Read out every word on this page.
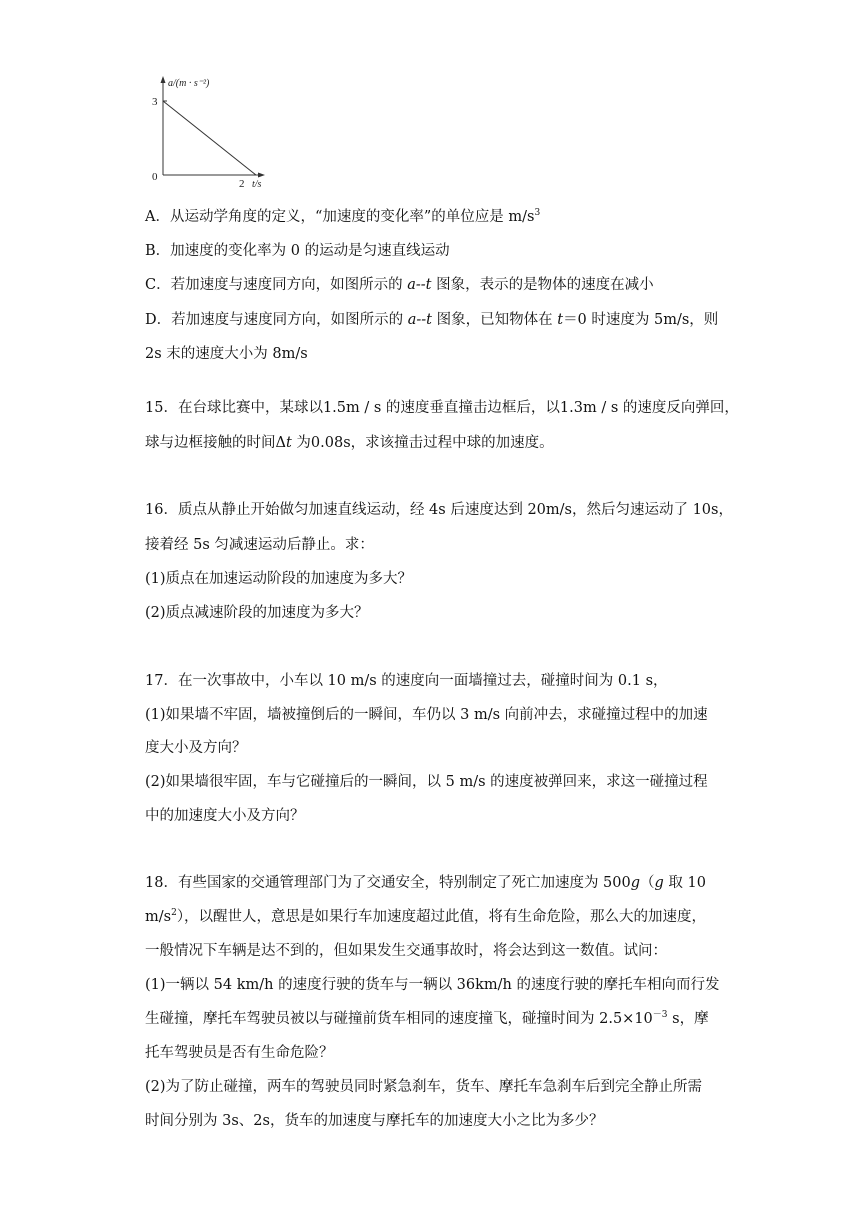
a/(m · s⁻²)
3
0
2 t/s
A．从运动学角度的定义，“加速度的变化率”的单位应是 $m/s^3$
B．加速度的变化率为 0 的运动是匀速直线运动
C．若加速度与速度同方向，如图所示的 a--t 图象，表示的是物体的速度在减小
D．若加速度与速度同方向，如图所示的 a--t 图象，已知物体在 t＝0 时速度为 5m/s，则
2s 末的速度大小为 8m/s
15．在台球比赛中，某球以1.5m / s 的速度垂直撞击边框后，以1.3m / s 的速度反向弹回，
球与边框接触的时间Δt 为0.08s，求该撞击过程中球的加速度。
16．质点从静止开始做匀加速直线运动，经 4s 后速度达到 20m/s，然后匀速运动了 10s，
接着经 5s 匀减速运动后静止。求：
(1)质点在加速运动阶段的加速度为多大？
(2)质点减速阶段的加速度为多大？
17．在一次事故中，小车以 10 m/s 的速度向一面墙撞过去，碰撞时间为 0.1 s，
(1)如果墙不牢固，墙被撞倒后的一瞬间，车仍以 3 m/s 向前冲去，求碰撞过程中的加速
度大小及方向？
(2)如果墙很牢固，车与它碰撞后的一瞬间，以 5 m/s 的速度被弹回来，求这一碰撞过程
中的加速度大小及方向？
18．有些国家的交通管理部门为了交通安全，特别制定了死亡加速度为 500g（g 取 10
$m/s^2$），以醒世人，意思是如果行车加速度超过此值，将有生命危险，那么大的加速度，
一般情况下车辆是达不到的，但如果发生交通事故时，将会达到这一数值。试问：
(1)一辆以 54 km/h 的速度行驶的货车与一辆以 36km/h 的速度行驶的摩托车相向而行发
生碰撞，摩托车驾驶员被以与碰撞前货车相同的速度撞飞，碰撞时间为 $2.5\times 10^{-3}$ s，摩
托车驾驶员是否有生命危险？
(2)为了防止碰撞，两车的驾驶员同时紧急刹车，货车、摩托车急刹车后到完全静止所需
时间分别为 3s、2s，货车的加速度与摩托车的加速度大小之比为多少？
